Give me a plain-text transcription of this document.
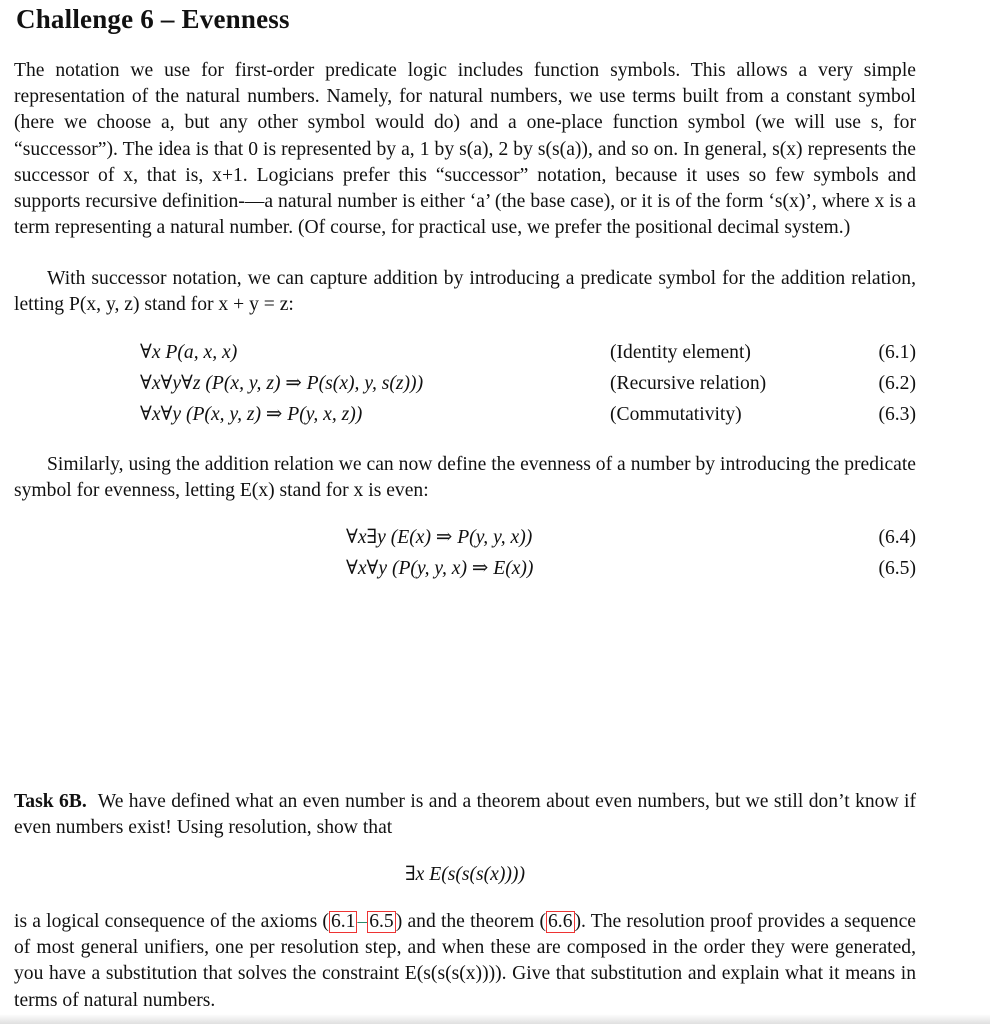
Challenge 6 – Evenness
The notation we use for first-order predicate logic includes function symbols. This allows a very simple representation of the natural numbers. Namely, for natural numbers, we use terms built from a constant symbol (here we choose a, but any other symbol would do) and a one-place function symbol (we will use s, for “successor”). The idea is that 0 is represented by a, 1 by s(a), 2 by s(s(a)), and so on. In general, s(x) represents the successor of x, that is, x+1. Logicians prefer this “successor” notation, because it uses so few symbols and supports recursive definition-—a natural number is either ‘a’ (the base case), or it is of the form ‘s(x)’, where x is a term representing a natural number. (Of course, for practical use, we prefer the positional decimal system.)
With successor notation, we can capture addition by introducing a predicate symbol for the addition relation, letting P(x, y, z) stand for x + y = z:
∀x P(a, x, x)	(Identity element)	(6.1)
∀x∀y∀z (P(x, y, z) ⇒ P(s(x), y, s(z)))	(Recursive relation)	(6.2)
∀x∀y (P(x, y, z) ⇒ P(y, x, z))	(Commutativity)	(6.3)
Similarly, using the addition relation we can now define the evenness of a number by introducing the predicate symbol for evenness, letting E(x) stand for x is even:
∀x∃y (E(x) ⇒ P(y, y, x))	(6.4)
∀x∀y (P(y, y, x) ⇒ E(x))	(6.5)
Task 6B. We have defined what an even number is and a theorem about even numbers, but we still don’t know if even numbers exist! Using resolution, show that
∃x E(s(s(s(x))))
is a logical consequence of the axioms ( 6.1 – 6.5 ) and the theorem ( 6.6 ). The resolution proof provides a sequence of most general unifiers, one per resolution step, and when these are composed in the order they were generated, you have a substitution that solves the constraint E(s(s(s(x)))). Give that substitution and explain what it means in terms of natural numbers.
